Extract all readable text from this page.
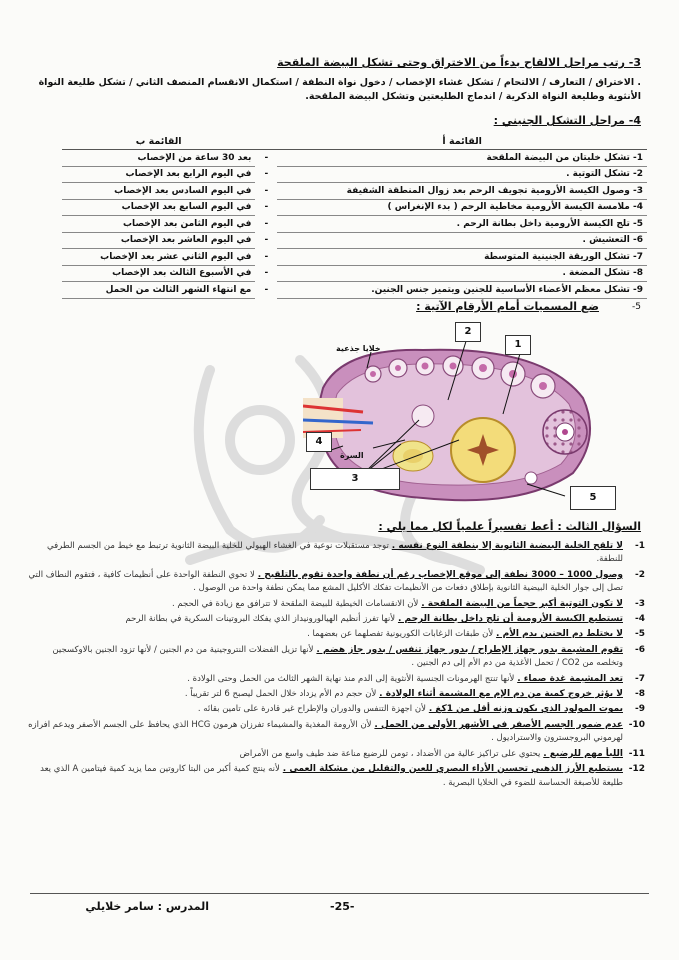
3- رتب مراحل الالقاح بدءاً من الاختراق وحتى تشكل البيضة الملقحة
. الاختراق / التعارف / الالتحام / تشكل غشاء الإخصاب / دخول نواة النطفة / استكمال الانقسام المنصف الثاني / تشكل طليعة النواة الأنثوية وطليعة النواة الذكرية / اندماج الطليعتين وتشكل البيضة الملقحة.
4- مراحل التشكل الجنيني :
القائمة أ		القائمة ب
1- تشكل خليتان من البيضة الملقحة	-	بعد 30 ساعة من الإخصاب
2- تشكل التوتية .	-	في اليوم الرابع بعد الإخصاب
3- وصول الكيسة الأرومية تجويف الرحم بعد زوال المنطقة الشفيفة	-	في اليوم السادس بعد الإخصاب
4- ملامسة الكيسة الأرومية مخاطية الرحم ( بدء الإنغراس )	-	في اليوم السابع بعد الإخصاب
5- تلج الكيسة الأرومية داخل بطانة الرحم .	-	في اليوم الثامن بعد الإخصاب
6- التعشيش .	-	في اليوم العاشر بعد الإخصاب
7- تشكل الوريقة الجنينية المتوسطة	-	في اليوم الثاني عشر بعد الإخصاب
8- تشكل المضغة .	-	في الأسبوع الثالث بعد الإخصاب
9- تشكل معظم الأعضاء الأساسية للجنين ويتميز جنس الجنين.	-	مع انتهاء الشهر الثالث من الحمل
ضع المسميات أمام الأرقام الآتية :	-5
خلايا جذعية
السرة
1
2
3
4
5
السؤال الثالث : أعط تفسيراً علمياً لكل مما يلي :
1-
لا تلقح الخلية البيضية الثانوية إلا بنطفة النوع نفسه . توجد مستقبلات نوعية في الغشاء الهيولي للخلية البيضة الثانوية ترتبط مع خيط من الجسم الطرفي للنطفة.
2-
وصول 1000 – 3000 نطفة إلى موقع الإخصاب رغم أن نطفة واحدة تقوم بالتلقيح . لا تحوي النطفة الواحدة على أنظيمات كافية ، فتقوم النطاف التي تصل إلى جوار الخلية البيضية الثانوية بإطلاق دفعات من الأنظيمات تفكك الأكليل المشع مما يمكن نطفة واحدة من الوصول .
3-
لا تكون التوتية أكبر حجماً من البيضة الملقحة . لأن الانقسامات الخيطية للبيضة الملقحة لا تترافق مع زيادة في الحجم .
4-
تستطيع الكيسة الأرومية أن تلج داخل بطانة الرحم . لأنها تفرز أنظيم الهيالورونيداز الذي يفكك البروتينات السكرية في بطانة الرحم
5-
لا يختلط دم الجنين بدم الأم . لأن طبقات الزغابات الكوريونية تفصلهما عن بعضهما .
6-
تقوم المشيمة بدور جهاز الإطراح / بدور جهاز تنفس / بدور جاز هضم . لأنها تزيل الفضلات النتروجينية من دم الجنين / لأنها تزود الجنين بالاوكسجين وتخلصه من CO2 / تحمل الأغذية من دم الأم إلى دم الجنين .
7-
تعد المشيمة غدة صماء . لأنها تنتج الهرمونات الجنسية الأنثوية إلى الدم منذ نهاية الشهر الثالث من الحمل وحتى الولادة .
8-
لا يؤثر خروج كمية من دم الإم مع المشيمة أثناء الولادة . لأن حجم دم الأم يزداد خلال الحمل ليصبح 6 لتر تقريباً .
9-
يموت المولود الذي يكون وزنه أقل من 1كغ . لأن اجهزة التنفس والدوران والإطراح غير قادرة على تامين بقائه .
10-
عدم ضمور الجسم الأصفر في الأشهر الأولى من الحمل . لأن الأرومة المغذية والمشيماء تفرزان هرمون HCG الذي يحافظ على الجسم الأصفر ويدعم افرازه لهرموني البروجسترون والاستراديول .
11-
اللبأ مهم للرضيع . يحتوي على تراكيز عالية من الأضداد ، تومن للرضيع مناعة ضد طيف واسع من الأمراض
12-
يستطيع الأرز الذهبي تحسين الأداء البصري للعين والتقليل من مشكلة العمى . لأنه ينتج كمية أكبر من البتا كاروتين مما يزيد كمية فيتامين A الذي يعد طليعة للأصبغة الحساسة للضوء في الخلايا البصرية .
المدرس : سامر خلايلي	-25-
